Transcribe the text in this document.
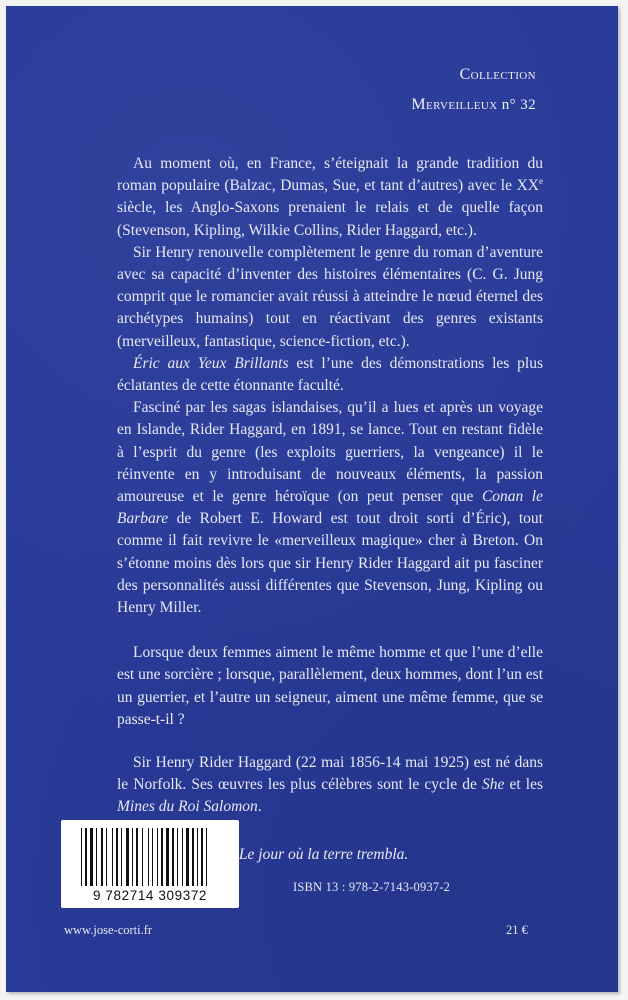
Collection
Merveilleux n° 32

Au moment où, en France, s’éteignait la grande tradition du roman populaire (Balzac, Dumas, Sue, et tant d’autres) avec le XXe siècle, les Anglo-Saxons prenaient le relais et de quelle façon (Stevenson, Kipling, Wilkie Collins, Rider Haggard, etc.).

Sir Henry renouvelle complètement le genre du roman d’aventure avec sa capacité d’inventer des histoires élémentaires (C. G. Jung comprit que le romancier avait réussi à atteindre le nœud éternel des archétypes humains) tout en réactivant des genres existants (merveilleux, fantastique, science-fiction, etc.).

Éric aux Yeux Brillants est l’une des démonstrations les plus éclatantes de cette étonnante faculté.

Fasciné par les sagas islandaises, qu’il a lues et après un voyage en Islande, Rider Haggard, en 1891, se lance. Tout en restant fidèle à l’esprit du genre (les exploits guerriers, la vengeance) il le réinvente en y introduisant de nouveaux éléments, la passion amoureuse et le genre héroïque (on peut penser que Conan le Barbare de Robert E. Howard est tout droit sorti d’Éric), tout comme il fait revivre le «merveilleux magique» cher à Breton. On s’étonne moins dès lors que sir Henry Rider Haggard ait pu fasciner des personnalités aussi différentes que Stevenson, Jung, Kipling ou Henry Miller.

Lorsque deux femmes aiment le même homme et que l’une d’elle est une sorcière ; lorsque, parallèlement, deux hommes, dont l’un est un guerrier, et l’autre un seigneur, aiment une même femme, que se passe-t-il ?

Sir Henry Rider Haggard (22 mai 1856-14 mai 1925) est né dans le Norfolk. Ses œuvres les plus célèbres sont le cycle de She et les Mines du Roi Salomon.

Le jour où la terre trembla.

9 782714 309372
ISBN 13 : 978-2-7143-0937-2
www.jose-corti.fr	21 €
